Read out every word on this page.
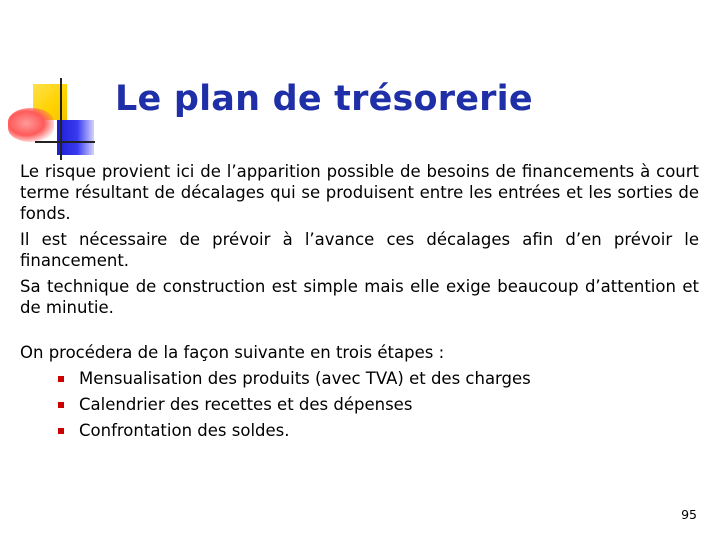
Le plan de trésorerie

Le risque provient ici de l’apparition possible de besoins de financements à court terme résultant de décalages qui se produisent entre les entrées et les sorties de fonds.

Il est nécessaire de prévoir à l’avance ces décalages afin d’en prévoir le financement.

Sa technique de construction est simple mais elle exige beaucoup d’attention et de minutie.

On procédera de la façon suivante en trois étapes :

Mensualisation des produits (avec TVA) et des charges
Calendrier des recettes et des dépenses
Confrontation des soldes.
95
